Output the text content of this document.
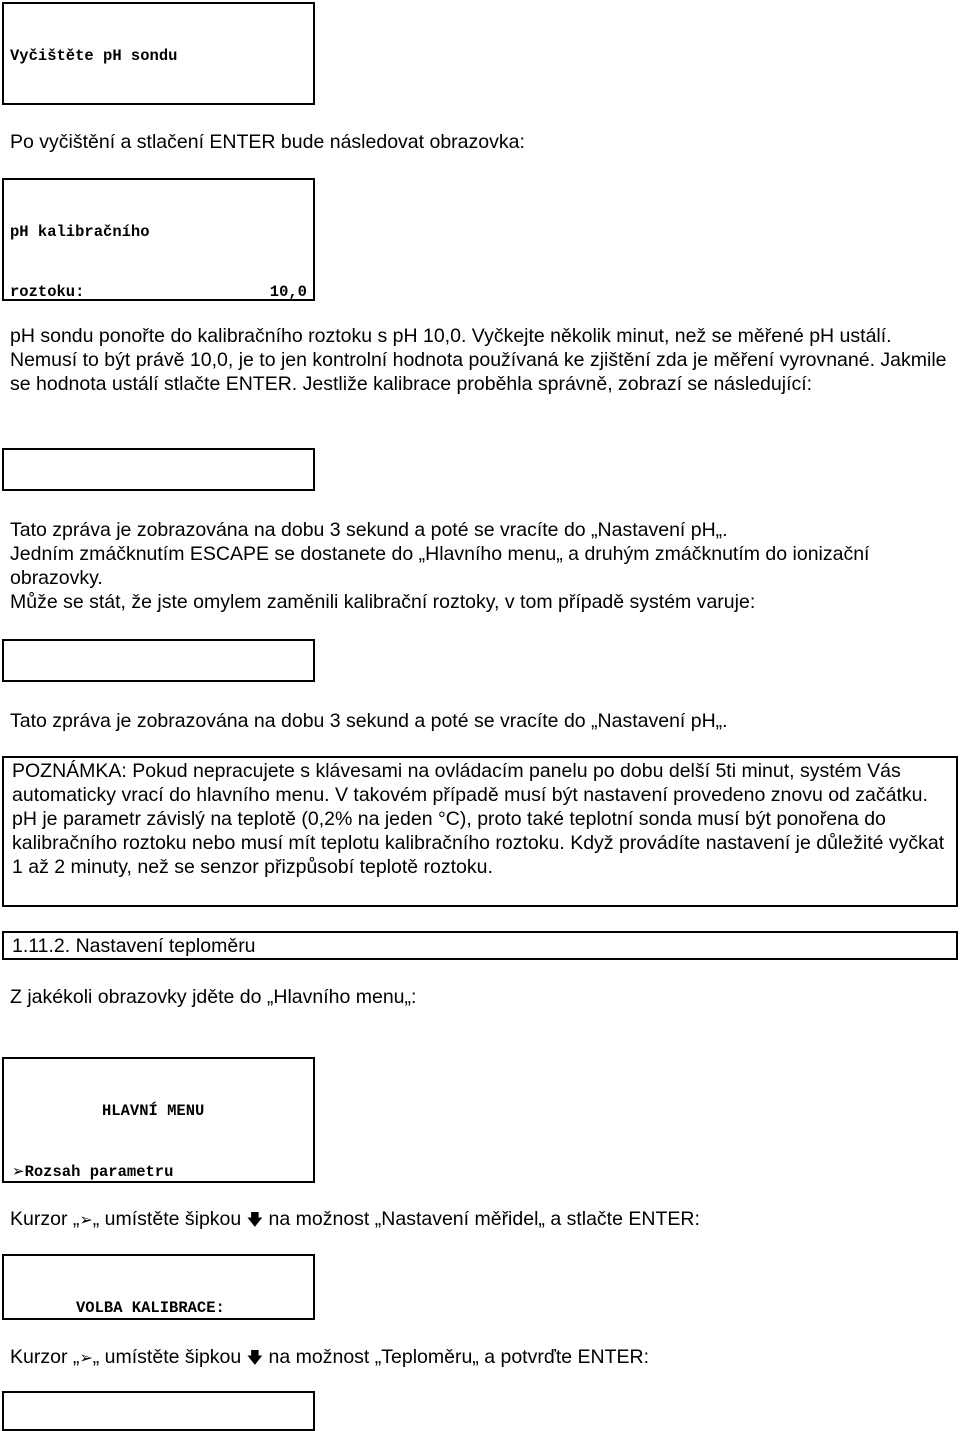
Vyčištěte pH sondu

Po vyčištění a stlačení ENTER bude následovat obrazovka:

pH kalibračního

roztoku:	10,0

pH sondu ponořte do kalibračního roztoku s pH 10,0. Vyčkejte několik minut, než se měřené pH ustálí. Nemusí to být právě 10,0, je to jen kontrolní hodnota používaná ke zjištění zda je měření vyrovnané. Jakmile se hodnota ustálí stlačte ENTER. Jestliže kalibrace proběhla správně, zobrazí se následující:

Tato zpráva je zobrazována na dobu 3 sekund a poté se vracíte do „Nastavení pH„.
Jedním zmáčknutím ESCAPE se dostanete do „Hlavního menu„ a druhým zmáčknutím do ionizační obrazovky.
Může se stát, že jste omylem zaměnili kalibrační roztoky, v tom případě systém varuje:

Tato zpráva je zobrazována na dobu 3 sekund a poté se vracíte do „Nastavení pH„.
POZNÁMKA: Pokud nepracujete s klávesami na ovládacím panelu po dobu delší 5ti minut, systém Vás automaticky vrací do hlavního menu. V takovém případě musí být nastavení provedeno znovu od začátku.
pH je parametr závislý na teplotě (0,2% na jeden °C), proto také teplotní sonda musí být ponořena do kalibračního roztoku nebo musí mít teplotu kalibračního roztoku. Když provádíte nastavení je důležité vyčkat 1 až 2 minuty, než se senzor přizpůsobí teplotě roztoku.
1.11.2. Nastavení teploměru
Z jakékoli obrazovky jděte do „Hlavního menu„:

HLAVNÍ MENU

➢Rozsah parametru

Kurzor „➢„ umístěte šipkou 🡇 na možnost „Nastavení měřidel„ a stlačte ENTER:

VOLBA KALIBRACE:

Kurzor „➢„ umístěte šipkou 🡇 na možnost „Teploměru„ a potvrďte ENTER:
